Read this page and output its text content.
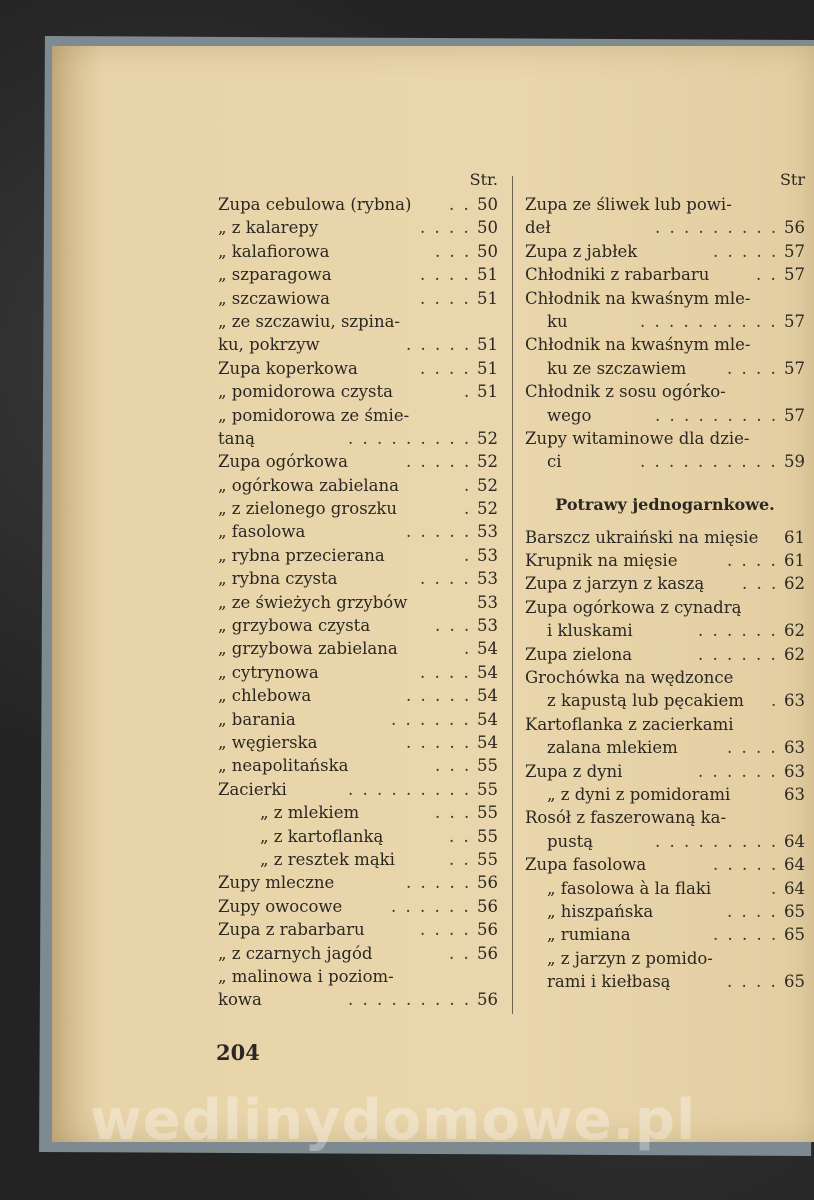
Str.
Zupa cebulowa (rybna) . . 50
„ z kalarepy	. . . . 50
„ kalafiorowa	. . . 50
„ szparagowa	. . . . 51
„ szczawiowa	. . . . 51
„ ze szczawiu, szpina-
ku, pokrzyw	. . . . . 51
Zupa koperkowa	. . . . 51
„ pomidorowa czysta	. 51
„ pomidorowa ze śmie-
taną	. . . . . . . . . 52
Zupa ogórkowa	. . . . . 52
„ ogórkowa zabielana	. 52
„ z zielonego groszku	. 52
„ fasolowa	. . . . . 53
„ rybna przecierana	. 53
„ rybna czysta	. . . . 53
„ ze świeżych grzybów	53
„ grzybowa czysta	. . . 53
„ grzybowa zabielana	. 54
„ cytrynowa	. . . . 54
„ chlebowa	. . . . . 54
„ barania	. . . . . . 54
„ węgierska	. . . . . 54
„ neapolitańska	. . . 55
Zacierki	. . . . . . . . . 55
„ z mlekiem	. . . 55
„ z kartoflanką	. . 55
„ z resztek mąki	. . 55
Zupy mleczne	. . . . . 56
Zupy owocowe	. . . . . . 56
Zupa z rabarbaru	. . . . 56
„ z czarnych jagód	. . 56
„ malinowa i poziom-
kowa	. . . . . . . . . 56
Str
Zupa ze śliwek lub powi-
deł	. . . . . . . . . 56
Zupa z jabłek	. . . . . 57
Chłodniki z rabarbaru	. . 57
Chłodnik na kwaśnym mle-
ku	. . . . . . . . . . 57
Chłodnik na kwaśnym mle-
ku ze szczawiem . . . . 57
Chłodnik z sosu ogórko-
wego	. . . . . . . . . 57
Zupy witaminowe dla dzie-
ci	. . . . . . . . . . 59
Potrawy jednogarnkowe.
Barszcz ukraiński na mięsie 61
Krupnik na mięsie	. . . . 61
Zupa z jarzyn z kaszą . . . 62
Zupa ogórkowa z cynadrą
i kluskami	. . . . . . 62
Zupa zielona	. . . . . . 62
Grochówka na wędzonce
z kapustą lub pęcakiem . 63
Kartoflanka z zacierkami
zalana mlekiem	. . . . 63
Zupa z dyni	. . . . . . 63
„ z dyni z pomidorami	63
Rosół z faszerowaną ka-
pustą	. . . . . . . . . 64
Zupa fasolowa	. . . . . 64
„ fasolowa à la flaki	. 64
„ hiszpańska	. . . . 65
„ rumiana	. . . . . 65
„ z jarzyn z pomido-
rami i kiełbasą	. . . . 65
204
wedlinydomowe.pl
